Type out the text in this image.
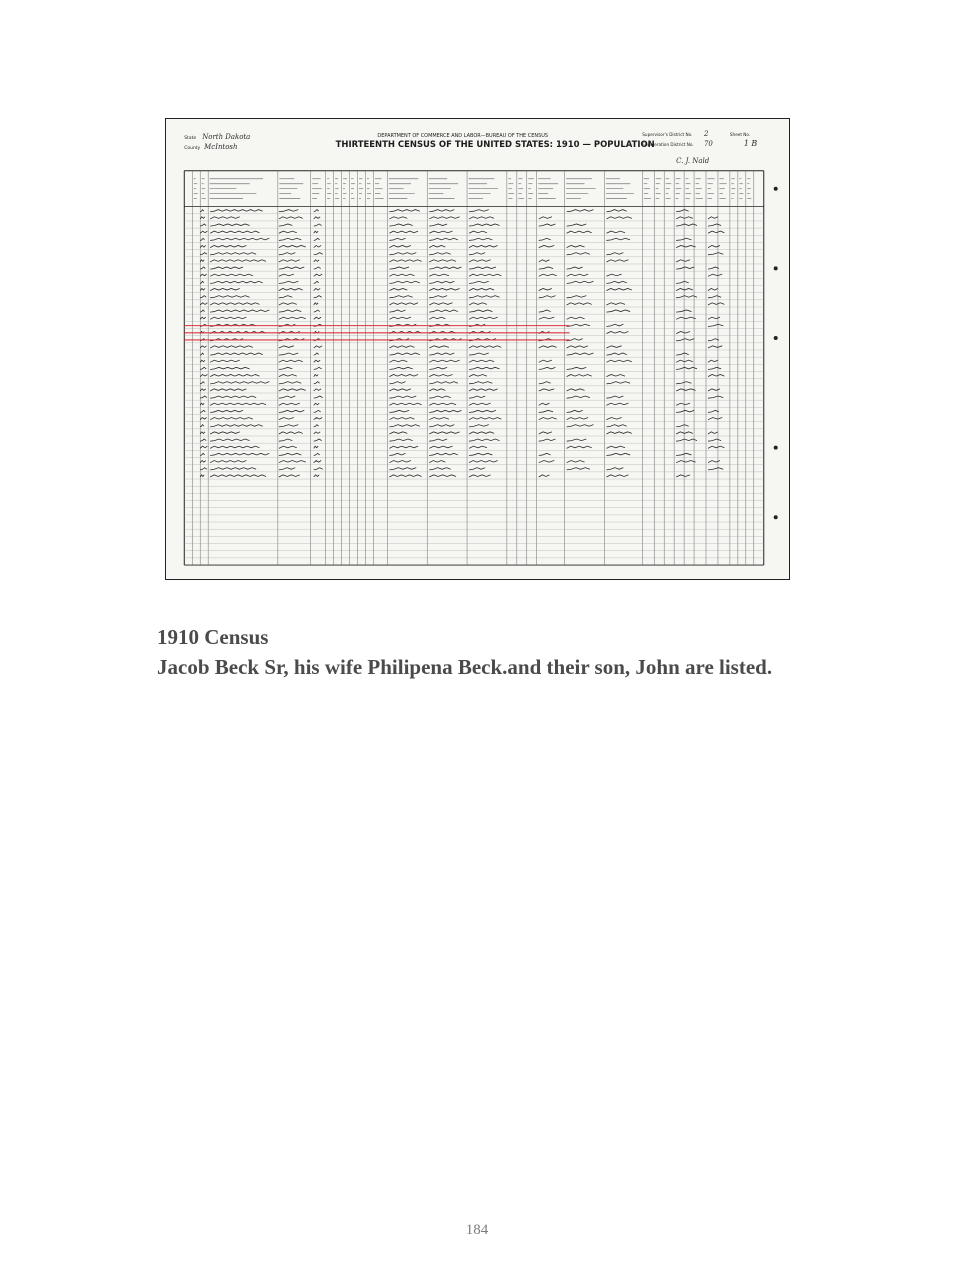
DEPARTMENT OF COMMERCE AND LABOR—BUREAU OF THE CENSUS
THIRTEENTH CENSUS OF THE UNITED STATES: 1910 — POPULATION
State North Dakota
County McIntosh
Supervisor's District No. 2
Enumeration District No. 70
Sheet No.
1 B
C. J. Nald

1910 Census

Jacob Beck Sr, his wife Philipena Beck.and their son, John are listed.

184
